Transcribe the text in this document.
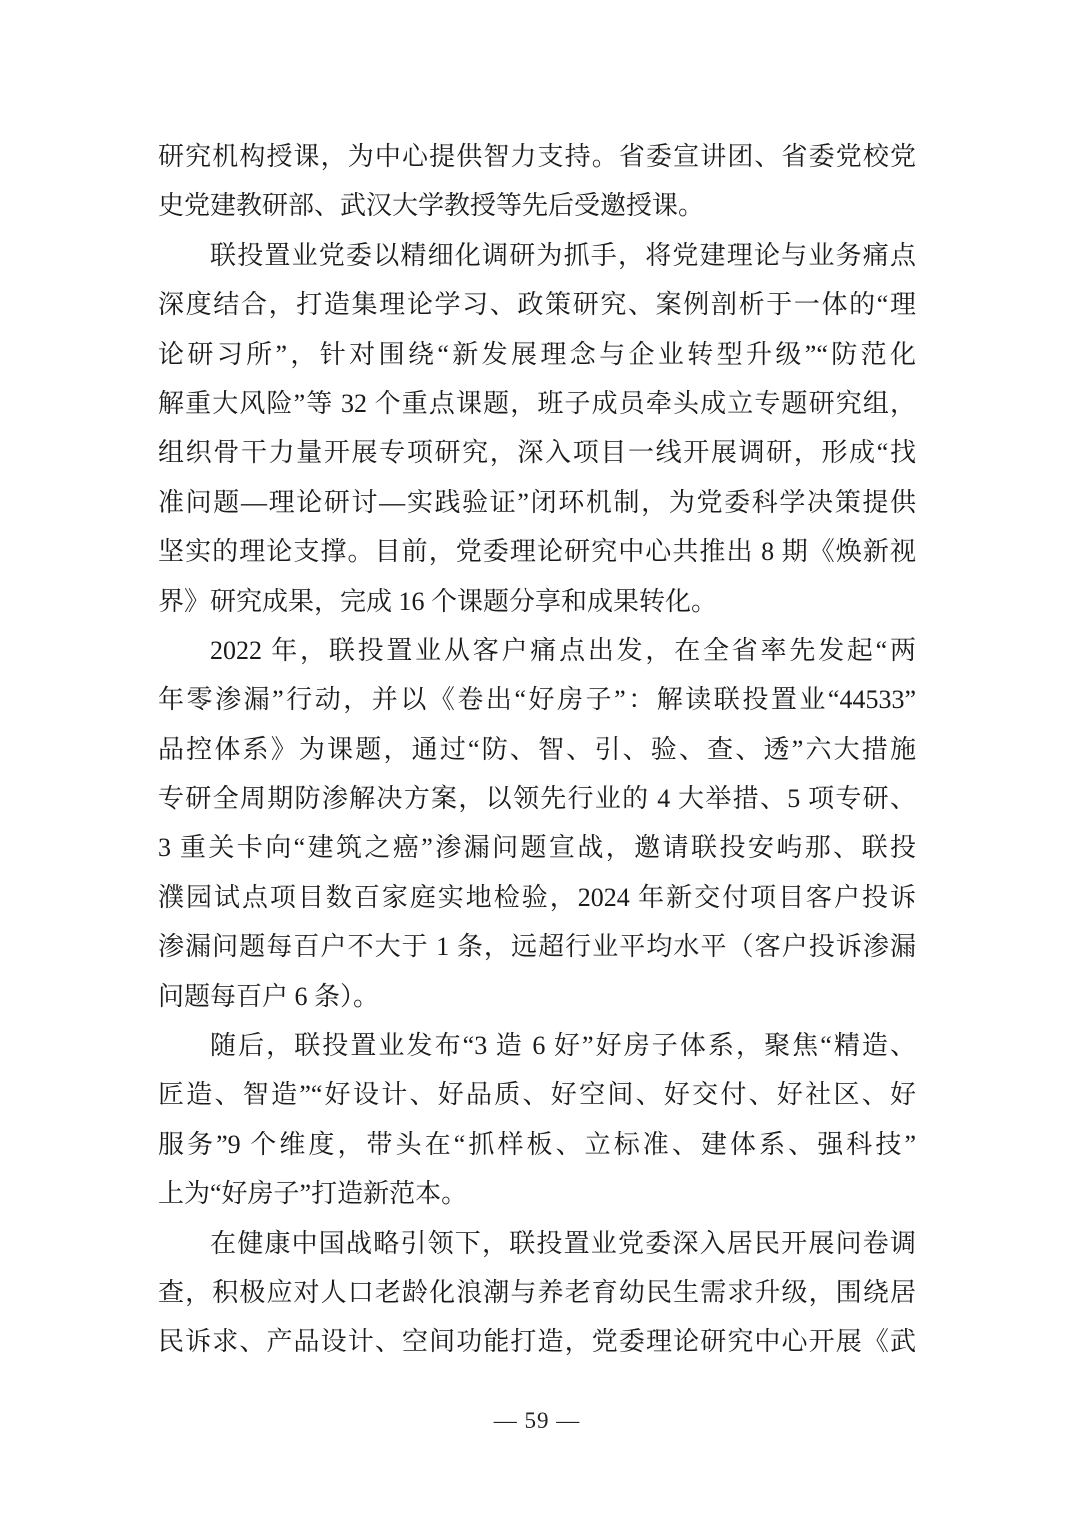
研究机构授课，为中心提供智力支持。省委宣讲团、省委党校党
史党建教研部、武汉大学教授等先后受邀授课。
联投置业党委以精细化调研为抓手，将党建理论与业务痛点
深度结合，打造集理论学习、政策研究、案例剖析于一体的“理
论研习所”，针对围绕“新发展理念与企业转型升级”“防范化
解重大风险”等 32 个重点课题，班子成员牵头成立专题研究组，
组织骨干力量开展专项研究，深入项目一线开展调研，形成“找
准问题—理论研讨—实践验证”闭环机制，为党委科学决策提供
坚实的理论支撑。目前，党委理论研究中心共推出 8 期《焕新视
界》研究成果，完成 16 个课题分享和成果转化。
2022 年，联投置业从客户痛点出发，在全省率先发起“两
年零渗漏”行动，并以《卷出“好房子”：解读联投置业“44533”
品控体系》为课题，通过“防、智、引、验、查、透”六大措施
专研全周期防渗解决方案，以领先行业的 4 大举措、5 项专研、
3 重关卡向“建筑之癌”渗漏问题宣战，邀请联投安屿那、联投
濮园试点项目数百家庭实地检验，2024 年新交付项目客户投诉
渗漏问题每百户不大于 1 条，远超行业平均水平（客户投诉渗漏
问题每百户 6 条）。
随后，联投置业发布“3 造 6 好”好房子体系，聚焦“精造、
匠造、智造”“好设计、好品质、好空间、好交付、好社区、好
服务”9 个维度，带头在“抓样板、立标准、建体系、强科技”
上为“好房子”打造新范本。
在健康中国战略引领下，联投置业党委深入居民开展问卷调
查，积极应对人口老龄化浪潮与养老育幼民生需求升级，围绕居
民诉求、产品设计、空间功能打造，党委理论研究中心开展《武
— 59 —
